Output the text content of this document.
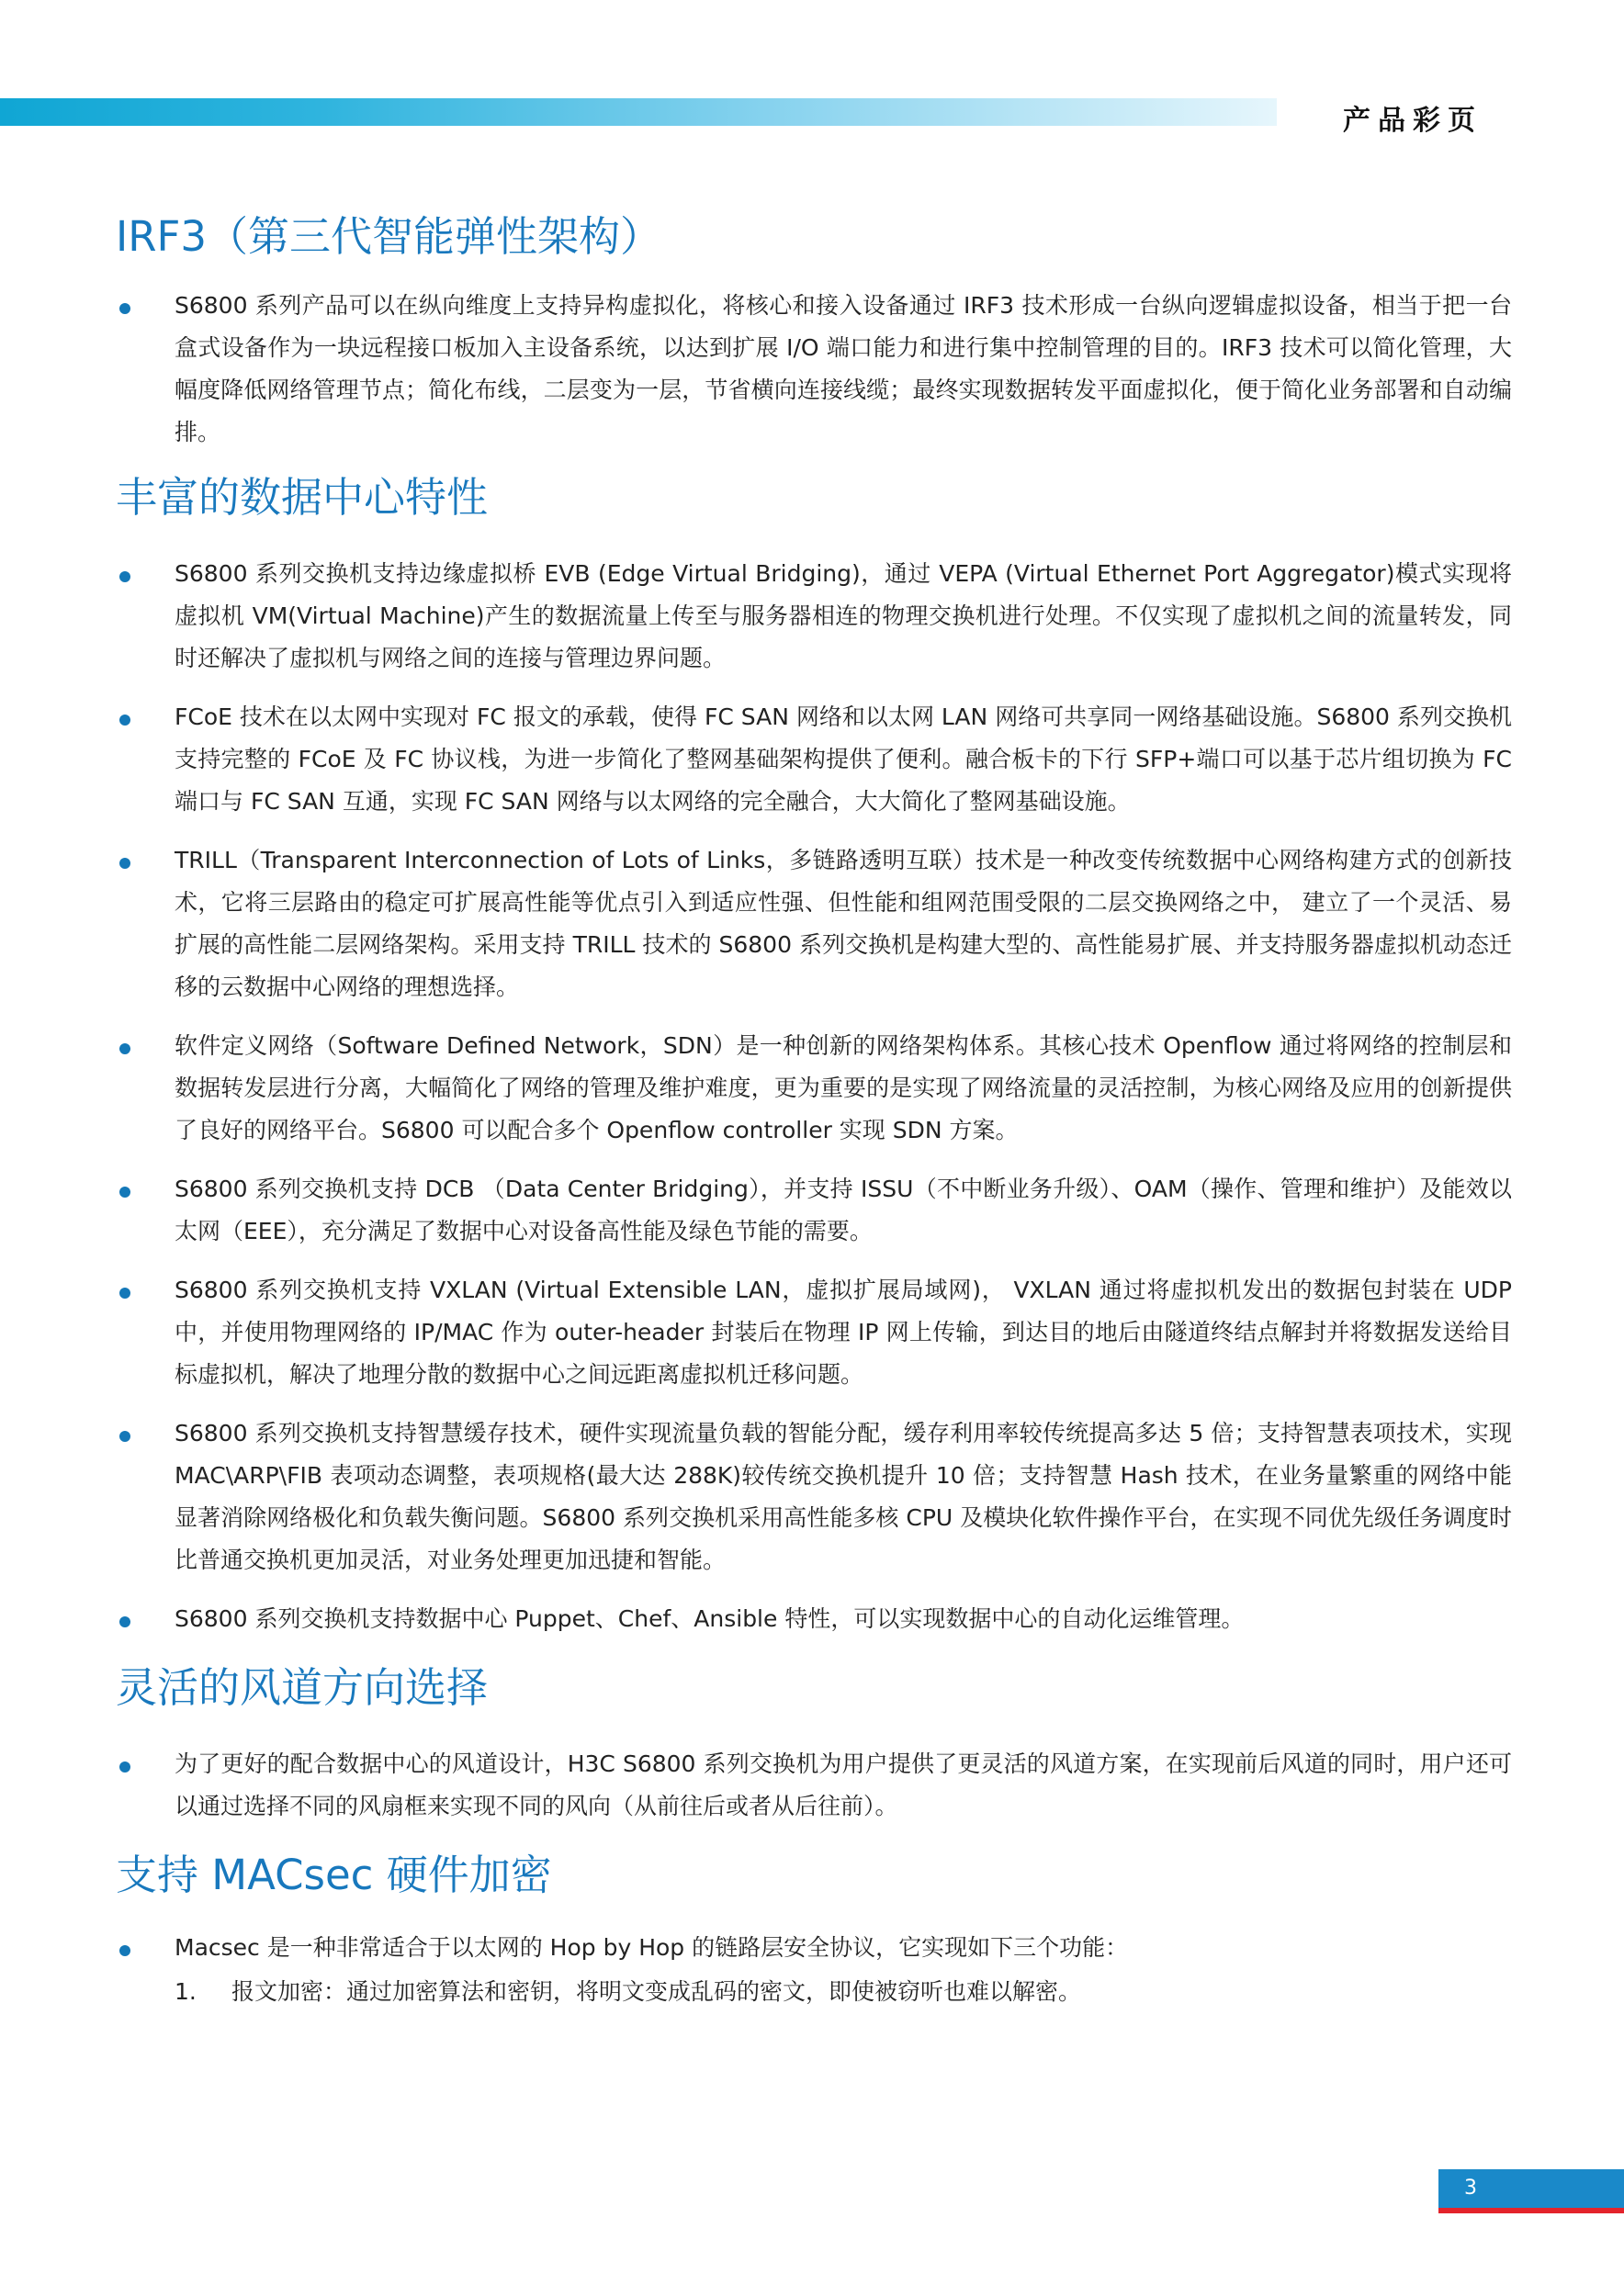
产品彩页
IRF3（第三代智能弹性架构）
S6800 系列产品可以在纵向维度上支持异构虚拟化，将核心和接入设备通过 IRF3 技术形成一台纵向逻辑虚拟设备，相当于把一台盒式设备作为一块远程接口板加入主设备系统，以达到扩展 I/O 端口能力和进行集中控制管理的目的。IRF3 技术可以简化管理，大幅度降低网络管理节点；简化布线，二层变为一层，节省横向连接线缆；最终实现数据转发平面虚拟化，便于简化业务部署和自动编排。
丰富的数据中心特性
S6800 系列交换机支持边缘虚拟桥 EVB (Edge Virtual Bridging)，通过 VEPA (Virtual Ethernet Port Aggregator)模式实现将虚拟机 VM(Virtual Machine)产生的数据流量上传至与服务器相连的物理交换机进行处理。不仅实现了虚拟机之间的流量转发，同时还解决了虚拟机与网络之间的连接与管理边界问题。
FCoE 技术在以太网中实现对 FC 报文的承载，使得 FC SAN 网络和以太网 LAN 网络可共享同一网络基础设施。S6800 系列交换机支持完整的 FCoE 及 FC 协议栈，为进一步简化了整网基础架构提供了便利。融合板卡的下行 SFP+端口可以基于芯片组切换为 FC 端口与 FC SAN 互通，实现 FC SAN 网络与以太网络的完全融合，大大简化了整网基础设施。
TRILL（Transparent Interconnection of Lots of Links，多链路透明互联）技术是一种改变传统数据中心网络构建方式的创新技术，它将三层路由的稳定可扩展高性能等优点引入到适应性强、但性能和组网范围受限的二层交换网络之中， 建立了一个灵活、易扩展的高性能二层网络架构。采用支持 TRILL 技术的 S6800 系列交换机是构建大型的、高性能易扩展、并支持服务器虚拟机动态迁移的云数据中心网络的理想选择。
软件定义网络（Software Defined Network，SDN）是一种创新的网络架构体系。其核心技术 Openflow 通过将网络的控制层和数据转发层进行分离，大幅简化了网络的管理及维护难度，更为重要的是实现了网络流量的灵活控制，为核心网络及应用的创新提供了良好的网络平台。S6800 可以配合多个 Openflow controller 实现 SDN 方案。
S6800 系列交换机支持 DCB （Data Center Bridging），并支持 ISSU（不中断业务升级）、OAM（操作、管理和维护）及能效以太网（EEE），充分满足了数据中心对设备高性能及绿色节能的需要。
S6800 系列交换机支持 VXLAN (Virtual Extensible LAN，虚拟扩展局域网)， VXLAN 通过将虚拟机发出的数据包封装在 UDP 中，并使用物理网络的 IP/MAC 作为 outer-header 封装后在物理 IP 网上传输，到达目的地后由隧道终结点解封并将数据发送给目标虚拟机，解决了地理分散的数据中心之间远距离虚拟机迁移问题。
S6800 系列交换机支持智慧缓存技术，硬件实现流量负载的智能分配，缓存利用率较传统提高多达 5 倍；支持智慧表项技术，实现 MAC\ARP\FIB 表项动态调整，表项规格(最大达 288K)较传统交换机提升 10 倍；支持智慧 Hash 技术，在业务量繁重的网络中能显著消除网络极化和负载失衡问题。S6800 系列交换机采用高性能多核 CPU 及模块化软件操作平台，在实现不同优先级任务调度时比普通交换机更加灵活，对业务处理更加迅捷和智能。
S6800 系列交换机支持数据中心 Puppet、Chef、Ansible 特性，可以实现数据中心的自动化运维管理。
灵活的风道方向选择
为了更好的配合数据中心的风道设计，H3C S6800 系列交换机为用户提供了更灵活的风道方案，在实现前后风道的同时，用户还可以通过选择不同的风扇框来实现不同的风向（从前往后或者从后往前）。
支持 MACsec 硬件加密
Macsec 是一种非常适合于以太网的 Hop by Hop 的链路层安全协议，它实现如下三个功能：
1. 报文加密：通过加密算法和密钥，将明文变成乱码的密文，即使被窃听也难以解密。
3
